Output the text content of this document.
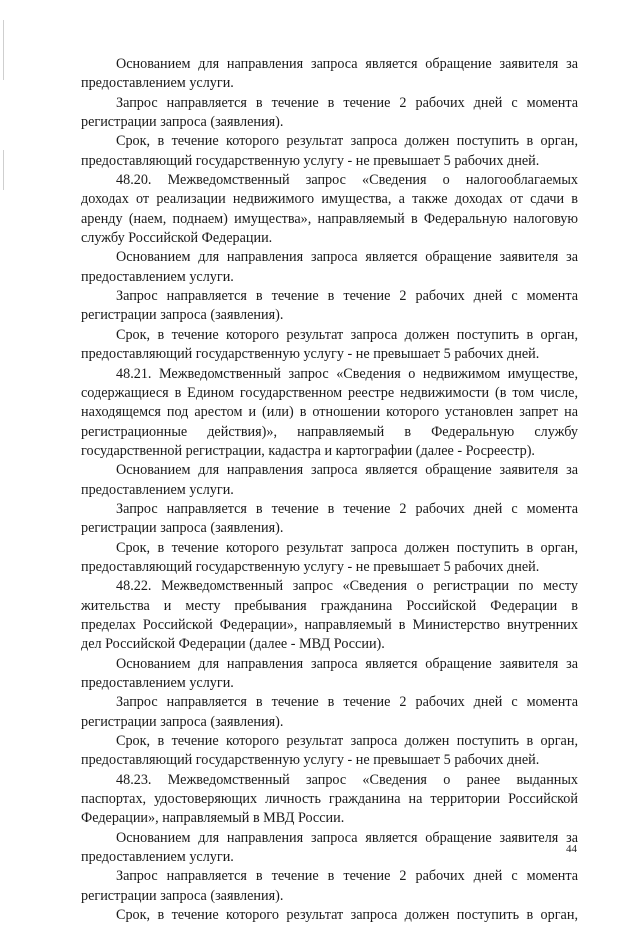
Основанием для направления запроса является обращение заявителя за
предоставлением услуги.
Запрос направляется в течение в течение 2 рабочих дней с момента
регистрации запроса (заявления).
Срок, в течение которого результат запроса должен поступить в орган,
предоставляющий государственную услугу - не превышает 5 рабочих дней.
48.20. Межведомственный запрос «Сведения о налогооблагаемых
доходах от реализации недвижимого имущества, а также доходах от сдачи в
аренду (наем, поднаем) имущества», направляемый в Федеральную налоговую
службу Российской Федерации.
Основанием для направления запроса является обращение заявителя за
предоставлением услуги.
Запрос направляется в течение в течение 2 рабочих дней с момента
регистрации запроса (заявления).
Срок, в течение которого результат запроса должен поступить в орган,
предоставляющий государственную услугу - не превышает 5 рабочих дней.
48.21. Межведомственный запрос «Сведения о недвижимом имуществе,
содержащиеся в Едином государственном реестре недвижимости (в том числе,
находящемся под арестом и (или) в отношении которого установлен запрет на
регистрационные действия)», направляемый в Федеральную службу
государственной регистрации, кадастра и картографии (далее - Росреестр).
Основанием для направления запроса является обращение заявителя за
предоставлением услуги.
Запрос направляется в течение в течение 2 рабочих дней с момента
регистрации запроса (заявления).
Срок, в течение которого результат запроса должен поступить в орган,
предоставляющий государственную услугу - не превышает 5 рабочих дней.
48.22. Межведомственный запрос «Сведения о регистрации по месту
жительства и месту пребывания гражданина Российской Федерации в
пределах Российской Федерации», направляемый в Министерство внутренних
дел Российской Федерации (далее - МВД России).
Основанием для направления запроса является обращение заявителя за
предоставлением услуги.
Запрос направляется в течение в течение 2 рабочих дней с момента
регистрации запроса (заявления).
Срок, в течение которого результат запроса должен поступить в орган,
предоставляющий государственную услугу - не превышает 5 рабочих дней.
48.23. Межведомственный запрос «Сведения о ранее выданных
паспортах, удостоверяющих личность гражданина на территории Российской
Федерации», направляемый в МВД России.
Основанием для направления запроса является обращение заявителя за
предоставлением услуги.
Запрос направляется в течение в течение 2 рабочих дней с момента
регистрации запроса (заявления).
Срок, в течение которого результат запроса должен поступить в орган,
44
